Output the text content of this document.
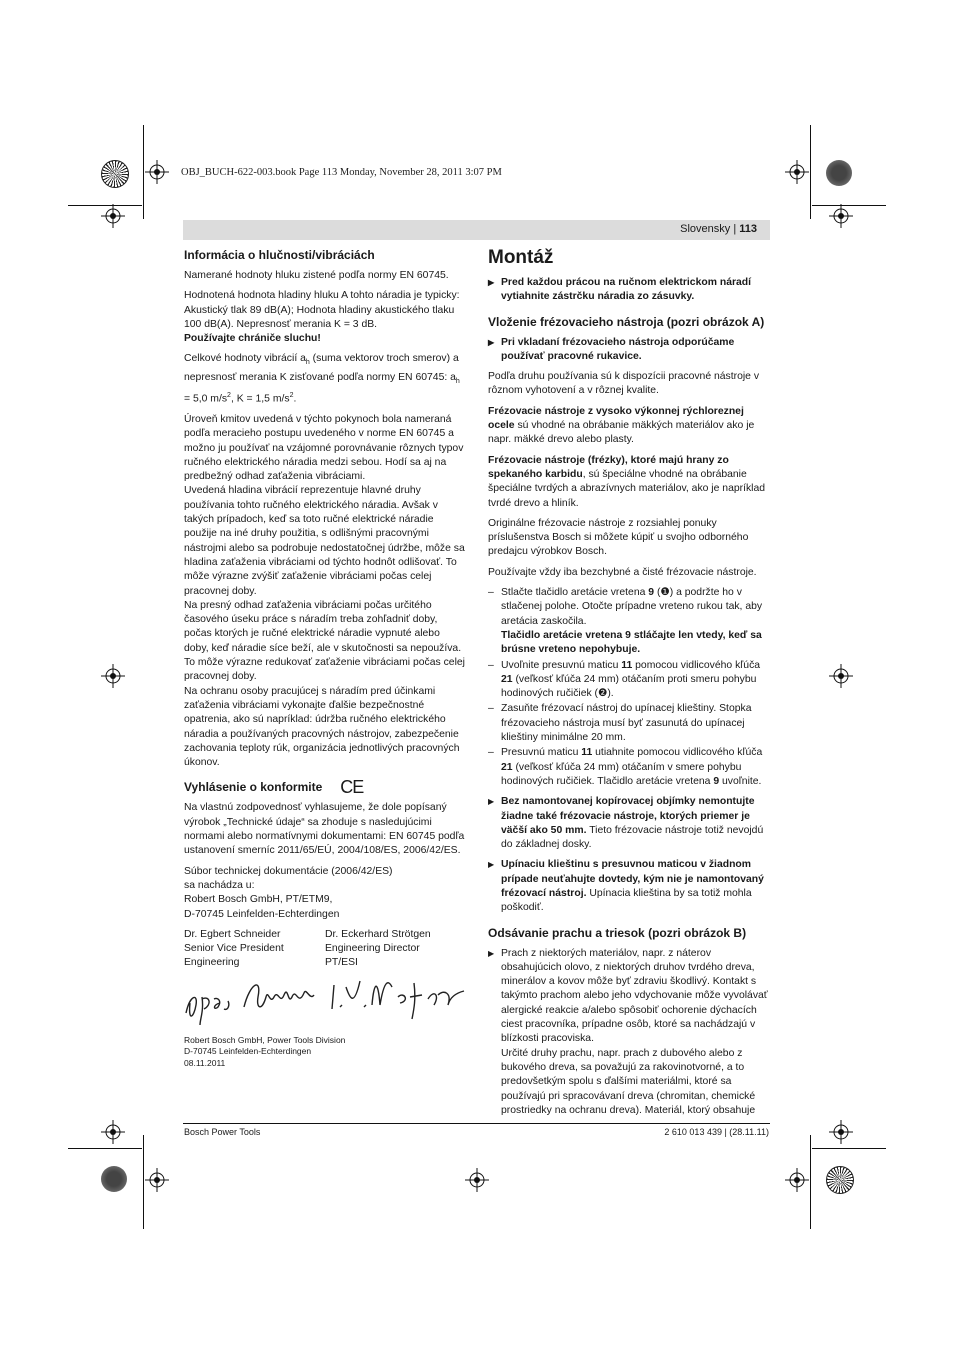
OBJ_BUCH-622-003.book Page 113 Monday, November 28, 2011 3:07 PM
Slovensky | 113
Informácia o hlučnosti/vibráciách

Namerané hodnoty hluku zistené podľa normy EN 60745.

Hodnotená hodnota hladiny hluku A tohto náradia je typicky: Akustický tlak 89 dB(A); Hodnota hladiny akustického tlaku 100 dB(A). Nepresnosť merania K = 3 dB.

Používajte chrániče sluchu!

Celkové hodnoty vibrácií $a_h$ (suma vektorov troch smerov) a nepresnosť merania K zisťované podľa normy EN 60745: $a_h = 5,0$ $m/s^2$, K = 1,5 $m/s^2$.

Úroveň kmitov uvedená v týchto pokynoch bola nameraná podľa meracieho postupu uvedeného v norme EN 60745 a možno ju používať na vzájomné porovnávanie rôznych typov ručného elektrického náradia medzi sebou. Hodí sa aj na predbežný odhad zaťaženia vibráciami.

Uvedená hladina vibrácií reprezentuje hlavné druhy používania tohto ručného elektrického náradia. Avšak v takých prípadoch, keď sa toto ručné elektrické náradie použije na iné druhy použitia, s odlišnými pracovnými nástrojmi alebo sa podrobuje nedostatočnej údržbe, môže sa hladina zaťaženia vibráciami od týchto hodnôt odlišovať. To môže výrazne zvýšiť zaťaženie vibráciami počas celej pracovnej doby.

Na presný odhad zaťaženia vibráciami počas určitého časového úseku práce s náradím treba zohľadniť doby, počas ktorých je ručné elektrické náradie vypnuté alebo doby, keď náradie síce beží, ale v skutočnosti sa nepoužíva. To môže výrazne redukovať zaťaženie vibráciami počas celej pracovnej doby.

Na ochranu osoby pracujúcej s náradím pred účinkami zaťaženia vibráciami vykonajte ďalšie bezpečnostné opatrenia, ako sú napríklad: údržba ručného elektrického náradia a používaných pracovných nástrojov, zabezpečenie zachovania teploty rúk, organizácia jednotlivých pracovných úkonov.

Vyhlásenie o konformite CE

Na vlastnú zodpovednosť vyhlasujeme, že dole popísaný výrobok „Technické údaje“ sa zhoduje s nasledujúcimi normami alebo normatívnymi dokumentami: EN 60745 podľa ustanovení smerníc 2011/65/EÚ, 2004/108/ES, 2006/42/ES.

Súbor technickej dokumentácie (2006/42/ES)
sa nachádza u:
Robert Bosch GmbH, PT/ETM9,
D-70745 Leinfelden-Echterdingen

Dr. Egbert Schneider
Senior Vice President
Engineering
Dr. Eckerhard Strötgen
Engineering Director
PT/ESI
Robert Bosch GmbH, Power Tools Division
D-70745 Leinfelden-Echterdingen
08.11.2011
Montáž
▶ Pred každou prácou na ručnom elektrickom náradí vytiahnite zástrčku náradia zo zásuvky.
Vloženie frézovacieho nástroja (pozri obrázok A)
▶ Pri vkladaní frézovacieho nástroja odporúčame používať pracovné rukavice.

Podľa druhu používania sú k dispozícii pracovné nástroje v rôznom vyhotovení a v rôznej kvalite.

Frézovacie nástroje z vysoko výkonnej rýchloreznej ocele sú vhodné na obrábanie mäkkých materiálov ako je napr. mäkké drevo alebo plasty.

Frézovacie nástroje (frézky), ktoré majú hrany zo spekaného karbidu, sú špeciálne vhodné na obrábanie špeciálne tvrdých a abrazívnych materiálov, ako je napríklad tvrdé drevo a hliník.

Originálne frézovacie nástroje z rozsiahlej ponuky príslušenstva Bosch si môžete kúpiť u svojho odborného predajcu výrobkov Bosch.

Používajte vždy iba bezchybné a čisté frézovacie nástroje.

– Stlačte tlačidlo aretácie vretena 9 (❶) a podržte ho v stlačenej polohe. Otočte prípadne vreteno rukou tak, aby aretácia zaskočila.
Tlačidlo aretácie vretena 9 stláčajte len vtedy, keď sa brúsne vreteno nepohybuje.
– Uvoľnite presuvnú maticu 11 pomocou vidlicového kľúča 21 (veľkosť kľúča 24 mm) otáčaním proti smeru pohybu hodinových ručičiek (❷).
– Zasuňte frézovací nástroj do upínacej klieštiny. Stopka frézovacieho nástroja musí byť zasunutá do upínacej klieštiny minimálne 20 mm.
– Presuvnú maticu 11 utiahnite pomocou vidlicového kľúča 21 (veľkosť kľúča 24 mm) otáčaním v smere pohybu hodinových ručičiek. Tlačidlo aretácie vretena 9 uvoľnite.
▶ Bez namontovanej kopírovacej objímky nemontujte žiadne také frézovacie nástroje, ktorých priemer je väčší ako 50 mm. Tieto frézovacie nástroje totiž nevojdú do základnej dosky.
▶ Upínaciu klieštinu s presuvnou maticou v žiadnom prípade neuťahujte dovtedy, kým nie je namontovaný frézovací nástroj. Upínacia klieština by sa totiž mohla poškodiť.
Odsávanie prachu a triesok (pozri obrázok B)
▶ Prach z niektorých materiálov, napr. z náterov obsahujúcich olovo, z niektorých druhov tvrdého dreva, minerálov a kovov môže byť zdraviu škodlivý. Kontakt s takýmto prachom alebo jeho vdychovanie môže vyvolávať alergické reakcie a/alebo spôsobiť ochorenie dýchacích ciest pracovníka, prípadne osôb, ktoré sa nachádzajú v blízkosti pracoviska.
Určité druhy prachu, napr. prach z dubového alebo z bukového dreva, sa považujú za rakovinotvorné, a to predovšetkým spolu s ďalšími materiálmi, ktoré sa používajú pri spracovávaní dreva (chromitan, chemické prostriedky na ochranu dreva). Materiál, ktorý obsahuje
Bosch Power Tools	2 610 013 439 | (28.11.11)
